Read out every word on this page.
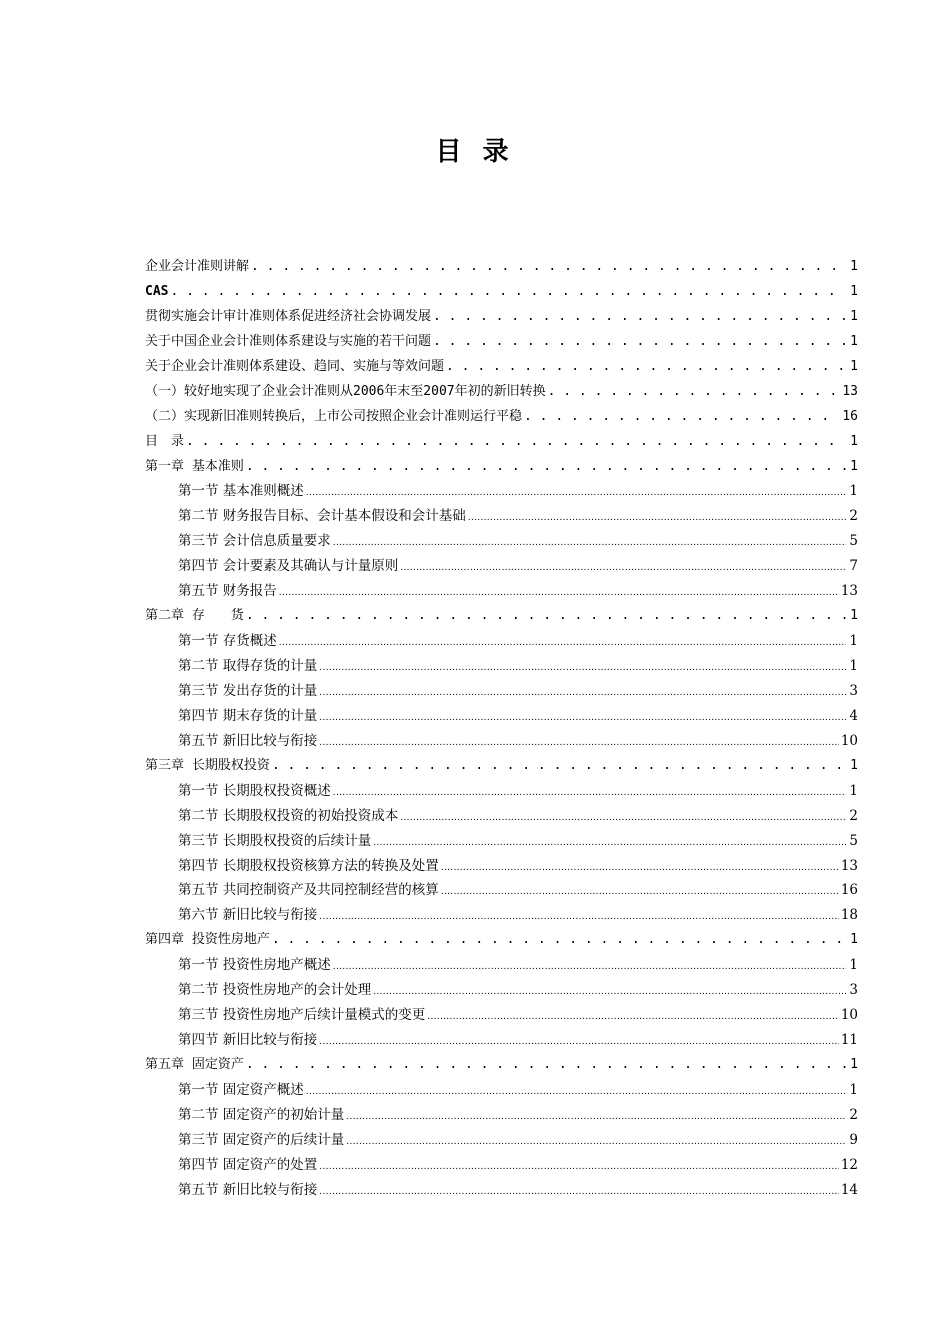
目 录
企业会计准则讲解 . . .	1
CAS . . .	1
贯彻实施会计审计准则体系促进经济社会协调发展 . . .	1
关于中国企业会计准则体系建设与实施的若干问题 . . .	1
关于企业会计准则体系建设、趋同、实施与等效问题 . . .	1
（一）较好地实现了企业会计准则从2006年末至2007年初的新旧转换 . . .	13
（二）实现新旧准则转换后，上市公司按照企业会计准则运行平稳 . . .	16
目　录 . . .	1
第一章 基本准则 . . .	1
第一节 基本准则概述 .....	1
第二节 财务报告目标、会计基本假设和会计基础 .....	2
第三节 会计信息质量要求 .....	5
第四节 会计要素及其确认与计量原则 .....	7
第五节 财务报告 .....	13
第二章 存　　货 . . .	1
第一节 存货概述 .....	1
第二节 取得存货的计量 .....	1
第三节 发出存货的计量 .....	3
第四节 期末存货的计量 .....	4
第五节 新旧比较与衔接 .....	10
第三章 长期股权投资 . . .	1
第一节 长期股权投资概述 .....	1
第二节 长期股权投资的初始投资成本 .....	2
第三节 长期股权投资的后续计量 .....	5
第四节 长期股权投资核算方法的转换及处置 .....	13
第五节 共同控制资产及共同控制经营的核算 .....	16
第六节 新旧比较与衔接 .....	18
第四章 投资性房地产 . . .	1
第一节 投资性房地产概述 .....	1
第二节 投资性房地产的会计处理 .....	3
第三节 投资性房地产后续计量模式的变更 .....	10
第四节 新旧比较与衔接 .....	11
第五章 固定资产 . . .	1
第一节 固定资产概述 .....	1
第二节 固定资产的初始计量 .....	2
第三节 固定资产的后续计量 .....	9
第四节 固定资产的处置 .....	12
第五节 新旧比较与衔接 .....	14
